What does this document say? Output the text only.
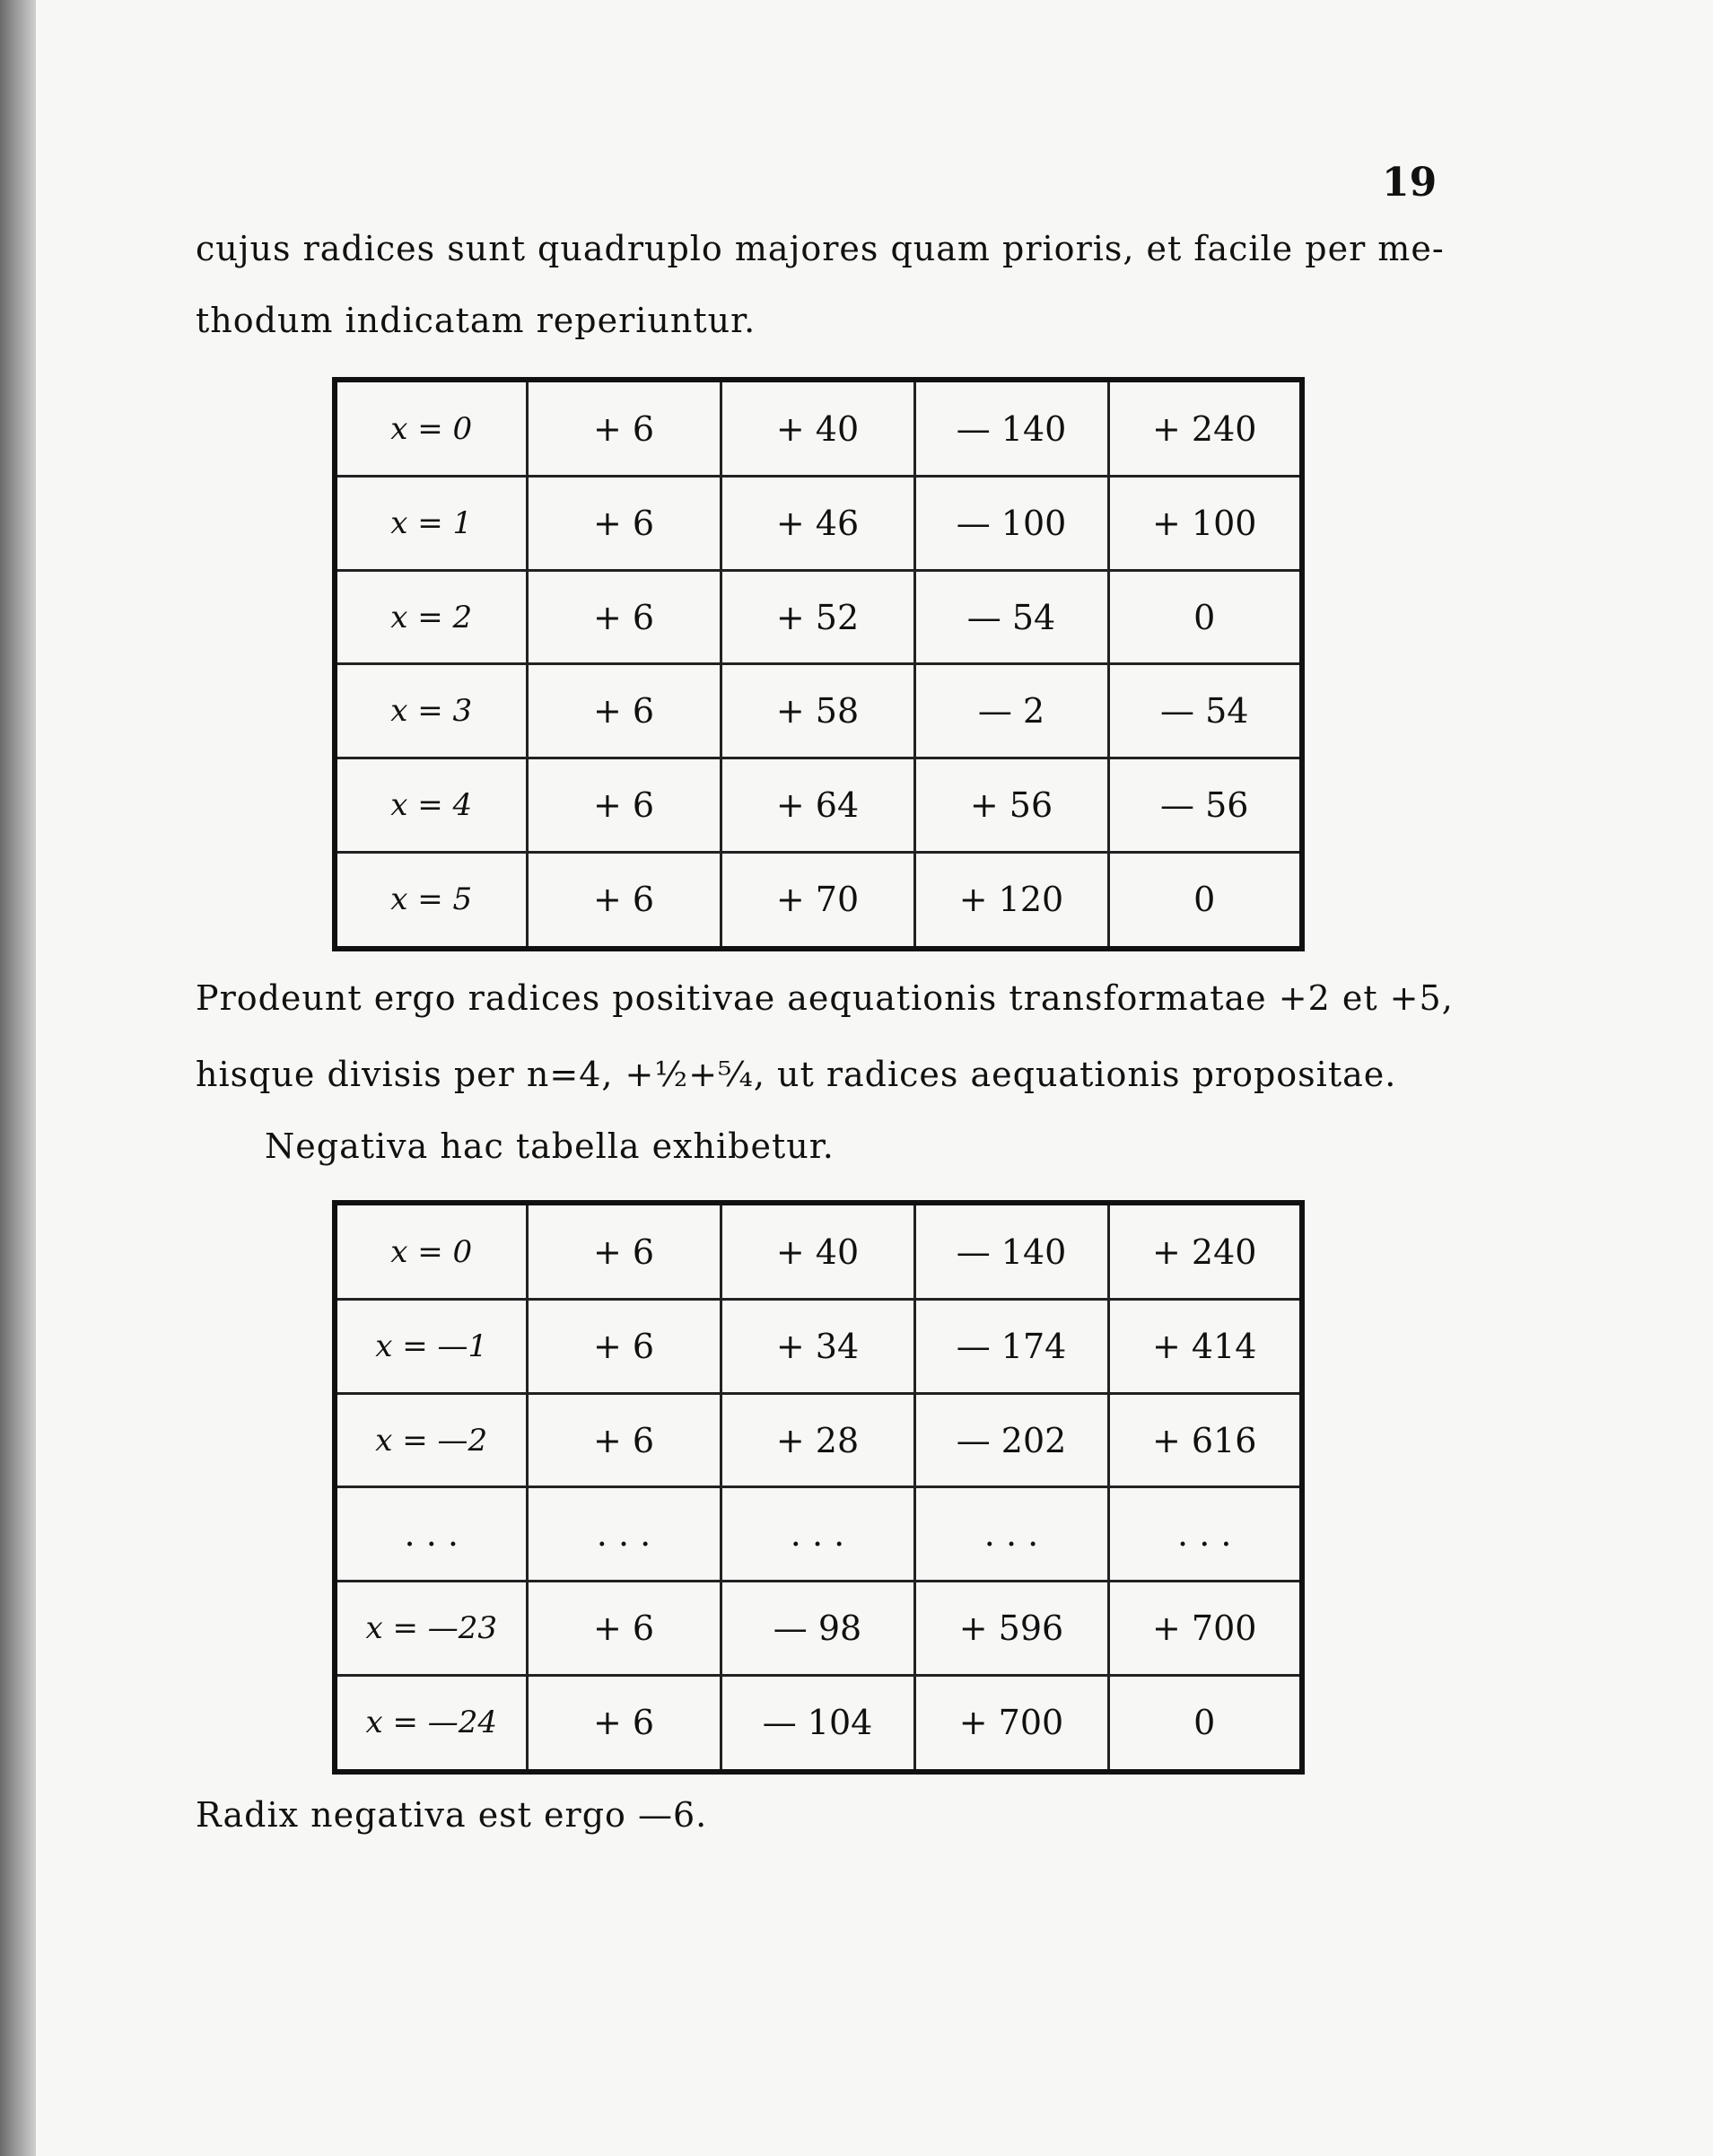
19
cujus radices sunt quadruplo majores quam prioris, et facile per me-
thodum indicatam reperiuntur.
x = 0	+ 6	+ 40	— 140	+ 240
x = 1	+ 6	+ 46	— 100	+ 100
x = 2	+ 6	+ 52	— 54	0
x = 3	+ 6	+ 58	— 2	— 54
x = 4	+ 6	+ 64	+ 56	— 56
x = 5	+ 6	+ 70	+ 120	0
Prodeunt ergo radices positivae aequationis transformatae +2 et +5,
hisque divisis per n=4, +½+⁵⁄₄, ut radices aequationis propositae.
Negativa hac tabella exhibetur.
x = 0	+ 6	+ 40	— 140	+ 240
x = —1	+ 6	+ 34	— 174	+ 414
x = —2	+ 6	+ 28	— 202	+ 616
. . .	. . .	. . .	. . .	. . .
x = —23	+ 6	— 98	+ 596	+ 700
x = —24	+ 6	— 104	+ 700	0
Radix negativa est ergo —6.
